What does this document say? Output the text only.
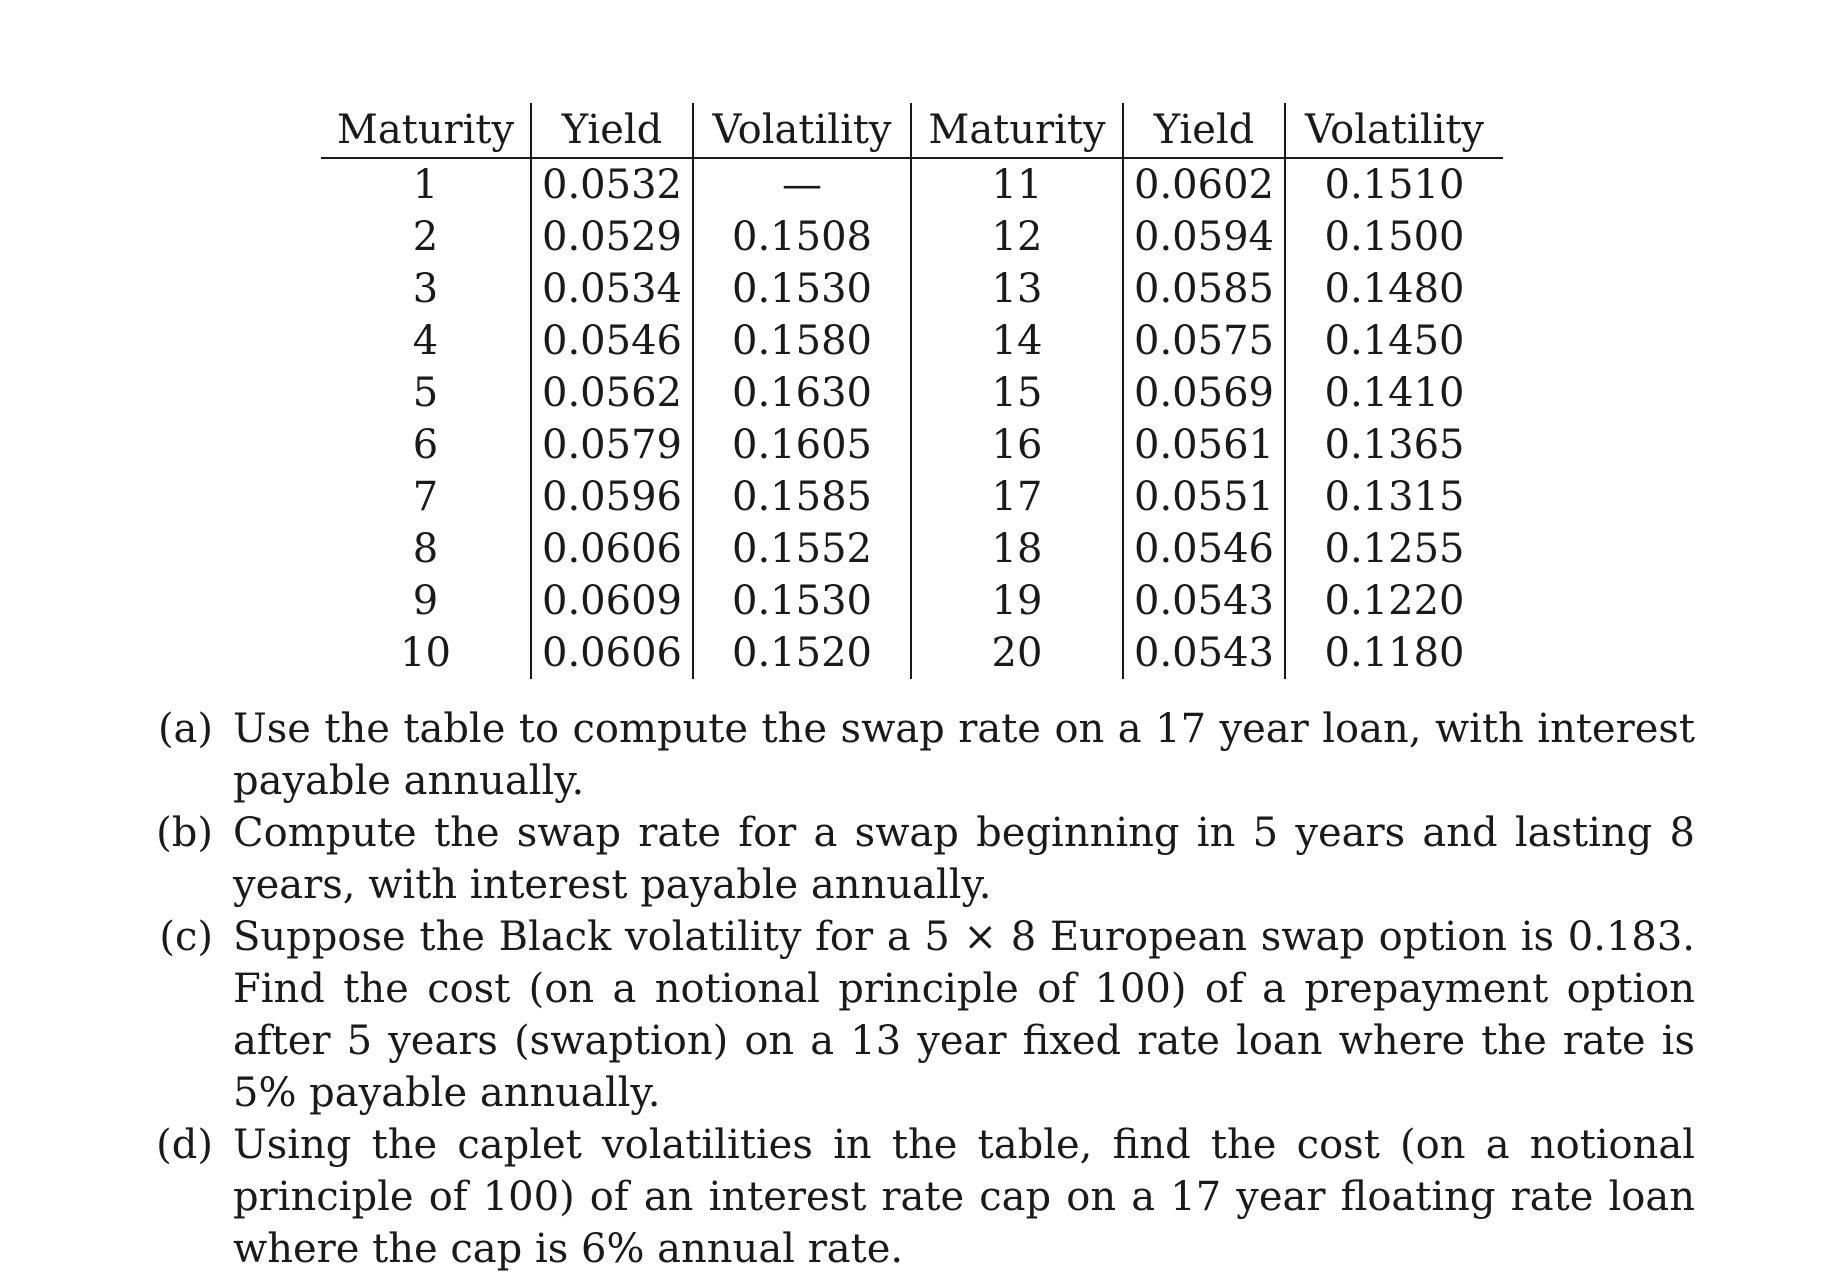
Maturity	Yield	Volatility	Maturity	Yield	Volatility
1	0.0532	—	11	0.0602	0.1510
2	0.0529	0.1508	12	0.0594	0.1500
3	0.0534	0.1530	13	0.0585	0.1480
4	0.0546	0.1580	14	0.0575	0.1450
5	0.0562	0.1630	15	0.0569	0.1410
6	0.0579	0.1605	16	0.0561	0.1365
7	0.0596	0.1585	17	0.0551	0.1315
8	0.0606	0.1552	18	0.0546	0.1255
9	0.0609	0.1530	19	0.0543	0.1220
10	0.0606	0.1520	20	0.0543	0.1180
(a) Use the table to compute the swap rate on a 17 year loan, with interest payable annually.
(b) Compute the swap rate for a swap beginning in 5 years and lasting 8 years, with interest payable annually.
(c) Suppose the Black volatility for a 5 × 8 European swap option is 0.183. Find the cost (on a notional principle of 100) of a prepayment option after 5 years (swaption) on a 13 year fixed rate loan where the rate is 5% payable annually.
(d) Using the caplet volatilities in the table, find the cost (on a notional principle of 100) of an interest rate cap on a 17 year floating rate loan where the cap is 6% annual rate.
